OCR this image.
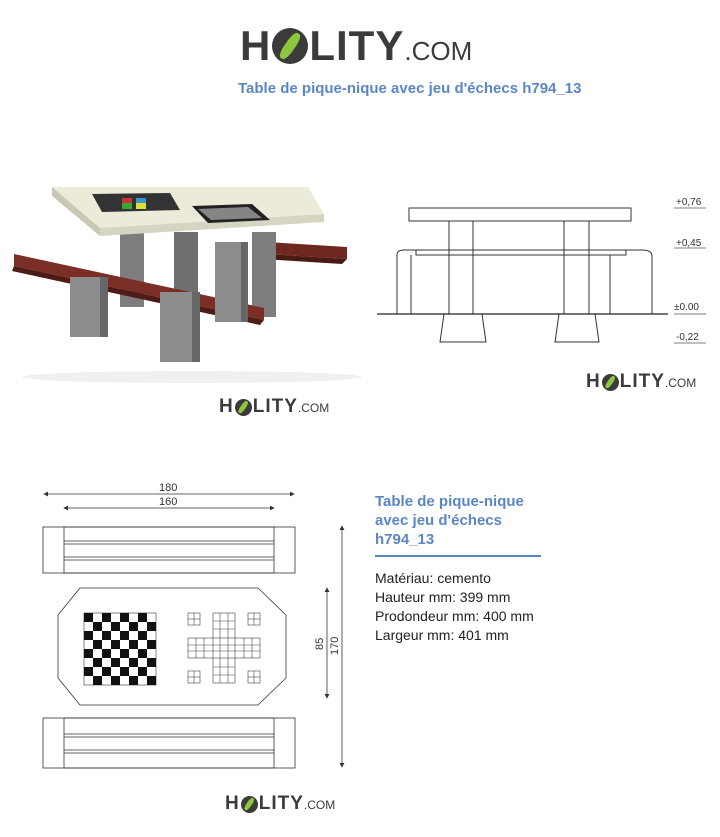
H LITY .COM
Table de pique-nique avec jeu d'échecs h794_13
H LITY .COM
+0,76
+0,45
±0.00
-0,22
H LITY .COM
180
160
85 170
H LITY .COM
Table de pique-nique avec jeu d'échecs h794_13
Matériau: cemento
Hauteur mm: 399 mm
Prodondeur mm: 400 mm
Largeur mm: 401 mm
